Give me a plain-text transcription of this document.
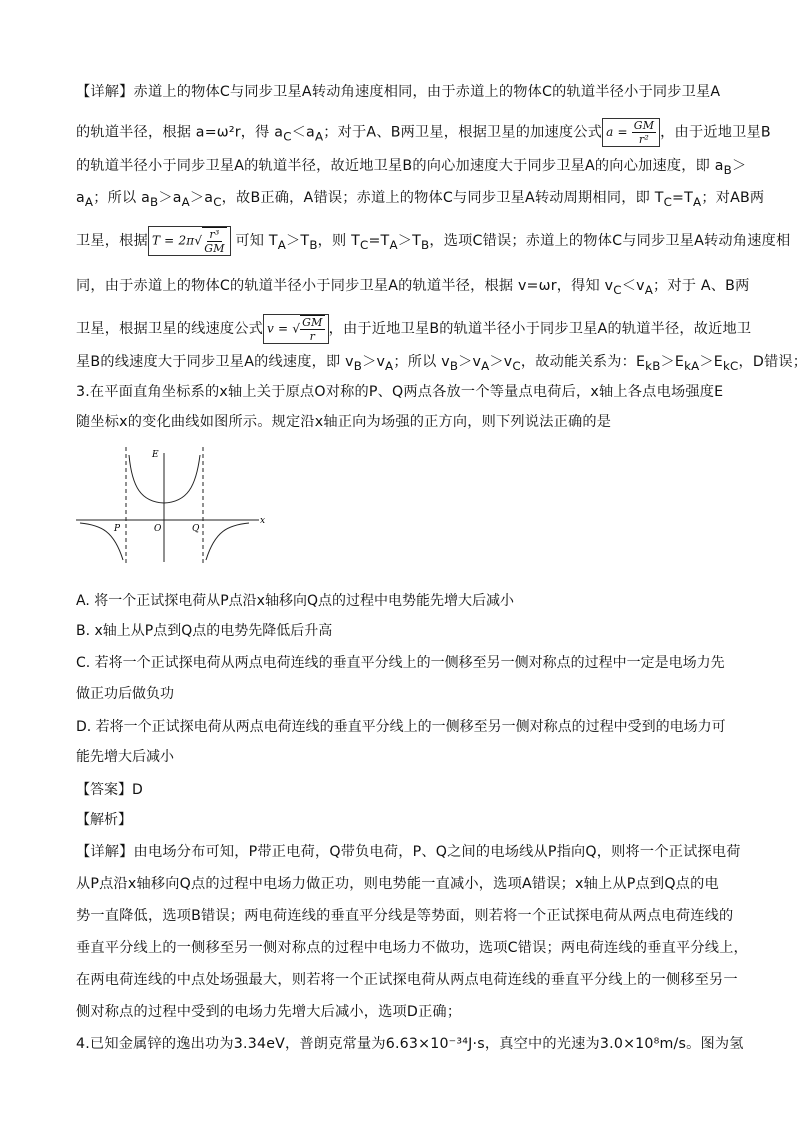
【详解】赤道上的物体C与同步卫星A转动角速度相同，由于赤道上的物体C的轨道半径小于同步卫星A
的轨道半径，根据 a=ω²r，得 $a_C<a_A$；对于A、B两卫星，根据卫星的加速度公式 $a = \frac{GM}{\text{r²}}$ ，由于近地卫星B
的轨道半径小于同步卫星A的轨道半径，故近地卫星B的向心加速度大于同步卫星A的向心加速度，即 $a_B>$
$a_A$；所以 $a_B>a_A>a_C$，故B正确，A错误；赤道上的物体C与同步卫星A转动周期相同，即 $T_C=T_A$；对AB两
卫星，根据 $T = 2\pi√ \frac{\text{r³}}{GM}$ 可知 $T_A>T_B$，则 $T_C=T_A>T_B$，选项C错误；赤道上的物体C与同步卫星A转动角速度相
同，由于赤道上的物体C的轨道半径小于同步卫星A的轨道半径，根据 v=ωr，得知 $v_C<v_A$；对于 A、B两
卫星，根据卫星的线速度公式 v = √ $\frac{GM}{r}$ ，由于近地卫星B的轨道半径小于同步卫星A的轨道半径，故近地卫
星B的线速度大于同步卫星A的线速度，即 $v_B>v_A$；所以 $v_B>v_A>v_C$，故动能关系为：$E_{kB}>E_{kA}>E_{kC}$，D错误；
3.在平面直角坐标系的x轴上关于原点O对称的P、Q两点各放一个等量点电荷后，x轴上各点电场强度E
随坐标x的变化曲线如图所示。规定沿x轴正向为场强的正方向，则下列说法正确的是
x
E
P	O	Q
A. 将一个正试探电荷从P点沿x轴移向Q点的过程中电势能先增大后减小
B. x轴上从P点到Q点的电势先降低后升高
C. 若将一个正试探电荷从两点电荷连线的垂直平分线上的一侧移至另一侧对称点的过程中一定是电场力先
做正功后做负功
D. 若将一个正试探电荷从两点电荷连线的垂直平分线上的一侧移至另一侧对称点的过程中受到的电场力可
能先增大后减小
【答案】D
【解析】
【详解】由电场分布可知，P带正电荷，Q带负电荷，P、Q之间的电场线从P指向Q，则将一个正试探电荷
从P点沿x轴移向Q点的过程中电场力做正功，则电势能一直减小，选项A错误；x轴上从P点到Q点的电
势一直降低，选项B错误；两电荷连线的垂直平分线是等势面，则若将一个正试探电荷从两点电荷连线的
垂直平分线上的一侧移至另一侧对称点的过程中电场力不做功，选项C错误；两电荷连线的垂直平分线上，
在两电荷连线的中点处场强最大，则若将一个正试探电荷从两点电荷连线的垂直平分线上的一侧移至另一
侧对称点的过程中受到的电场力先增大后减小，选项D正确；
4.已知金属锌的逸出功为3.34eV，普朗克常量为6.63×10⁻³⁴J·s，真空中的光速为3.0×10⁸m/s。图为氢
